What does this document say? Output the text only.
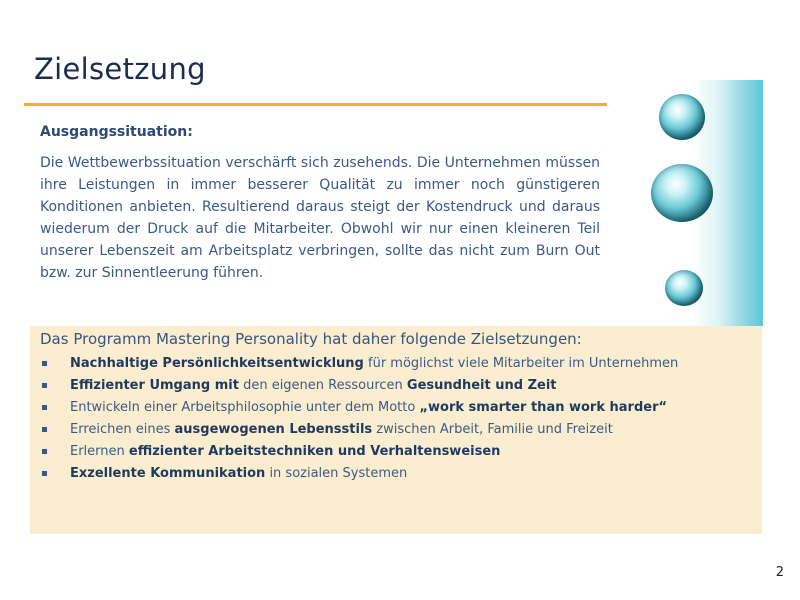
Zielsetzung
Ausgangssituation:
Die Wettbewerbssituation verschärft sich zusehends. Die Unternehmen müssen ihre Leistungen in immer besserer Qualität zu immer noch günstigeren Konditionen anbieten. Resultierend daraus steigt der Kostendruck und daraus wiederum der Druck auf die Mitarbeiter. Obwohl wir nur einen kleineren Teil unserer Lebenszeit am Arbeitsplatz verbringen, sollte das nicht zum Burn Out bzw. zur Sinnentleerung führen.
Das Programm Mastering Personality hat daher folgende Zielsetzungen:
Nachhaltige Persönlichkeitsentwicklung für möglichst viele Mitarbeiter im Unternehmen
Effizienter Umgang mit den eigenen Ressourcen Gesundheit und Zeit
Entwickeln einer Arbeitsphilosophie unter dem Motto „work smarter than work harder“
Erreichen eines ausgewogenen Lebensstils zwischen Arbeit, Familie und Freizeit
Erlernen effizienter Arbeitstechniken und Verhaltensweisen
Exzellente Kommunikation in sozialen Systemen
2
